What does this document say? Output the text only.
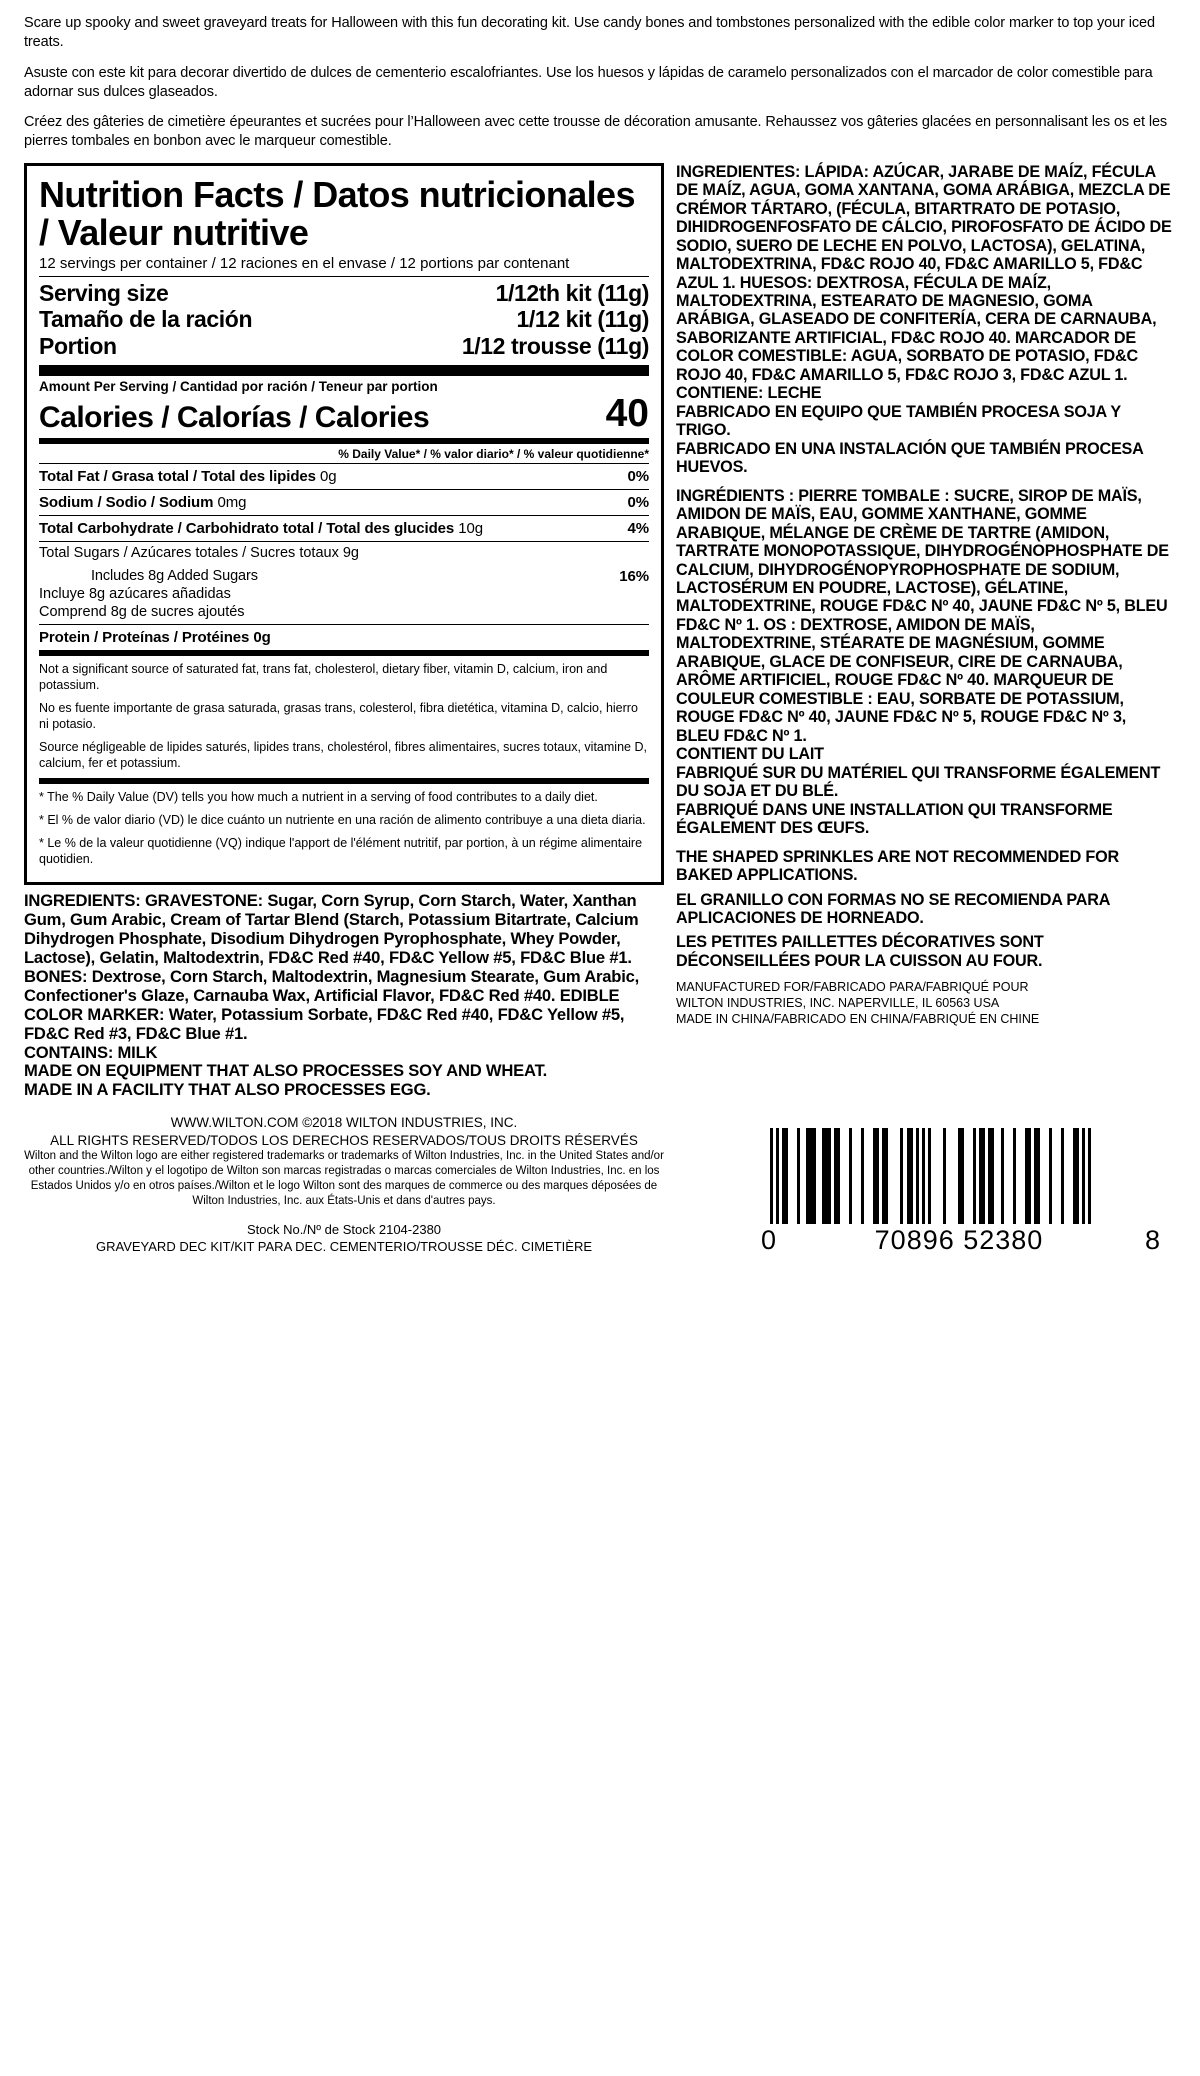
Scare up spooky and sweet graveyard treats for Halloween with this fun decorating kit. Use candy bones and tombstones personalized with the edible color marker to top your iced treats.

Asuste con este kit para decorar divertido de dulces de cementerio escalofriantes. Use los huesos y lápidas de caramelo personalizados con el marcador de color comestible para adornar sus dulces glaseados.

Créez des gâteries de cimetière épeurantes et sucrées pour l’Halloween avec cette trousse de décoration amusante. Rehaussez vos gâteries glacées en personnalisant les os et les pierres tombales en bonbon avec le marqueur comestible.

Nutrition Facts / Datos nutricionales / Valeur nutritive
12 servings per container / 12 raciones en el envase / 12 portions par contenant
Serving size	1/12th kit (11g)
Tamaño de la ración	1/12 kit (11g)
Portion	1/12 trousse (11g)
Amount Per Serving / Cantidad por ración / Teneur par portion
Calories / Calorías / Calories	40
% Daily Value* / % valor diario* / % valeur quotidienne*
Total Fat / Grasa total / Total des lipides 0g	0%
Sodium / Sodio / Sodium 0mg	0%
Total Carbohydrate / Carbohidrato total / Total des glucides 10g	4%
Total Sugars / Azúcares totales / Sucres totaux 9g
Includes 8g Added Sugars	16%
Incluye 8g azúcares añadidas
Comprend 8g de sucres ajoutés
Protein / Proteínas / Protéines 0g

Not a significant source of saturated fat, trans fat, cholesterol, dietary fiber, vitamin D, calcium, iron and potassium.

No es fuente importante de grasa saturada, grasas trans, colesterol, fibra dietética, vitamina D, calcio, hierro ni potasio.

Source négligeable de lipides saturés, lipides trans, cholestérol, fibres alimentaires, sucres totaux, vitamine D, calcium, fer et potassium.

* The % Daily Value (DV) tells you how much a nutrient in a serving of food contributes to a daily diet.

* El % de valor diario (VD) le dice cuánto un nutriente en una ración de alimento contribuye a una dieta diaria.

* Le % de la valeur quotidienne (VQ) indique l'apport de l'élément nutritif, par portion, à un régime alimentaire quotidien.

INGREDIENTS: GRAVESTONE: Sugar, Corn Syrup, Corn Starch, Water, Xanthan Gum, Gum Arabic, Cream of Tartar Blend (Starch, Potassium Bitartrate, Calcium Dihydrogen Phosphate, Disodium Dihydrogen Pyrophosphate, Whey Powder, Lactose), Gelatin, Maltodextrin, FD&C Red #40, FD&C Yellow #5, FD&C Blue #1. BONES: Dextrose, Corn Starch, Maltodextrin, Magnesium Stearate, Gum Arabic, Confectioner's Glaze, Carnauba Wax, Artificial Flavor, FD&C Red #40. EDIBLE COLOR MARKER: Water, Potassium Sorbate, FD&C Red #40, FD&C Yellow #5, FD&C Red #3, FD&C Blue #1.

CONTAINS: MILK

MADE ON EQUIPMENT THAT ALSO PROCESSES SOY AND WHEAT.

MADE IN A FACILITY THAT ALSO PROCESSES EGG.

INGREDIENTES: LÁPIDA: AZÚCAR, JARABE DE MAÍZ, FÉCULA DE MAÍZ, AGUA, GOMA XANTANA, GOMA ARÁBIGA, MEZCLA DE CRÉMOR TÁRTARO, (FÉCULA, BITARTRATO DE POTASIO, DIHIDROGENFOSFATO DE CÁLCIO, PIROFOSFATO DE ÁCIDO DE SODIO, SUERO DE LECHE EN POLVO, LACTOSA), GELATINA, MALTODEXTRINA, FD&C ROJO 40, FD&C AMARILLO 5, FD&C AZUL 1. HUESOS: DEXTROSA, FÉCULA DE MAÍZ, MALTODEXTRINA, ESTEARATO DE MAGNESIO, GOMA ARÁBIGA, GLASEADO DE CONFITERÍA, CERA DE CARNAUBA, SABORIZANTE ARTIFICIAL, FD&C ROJO 40. MARCADOR DE COLOR COMESTIBLE: AGUA, SORBATO DE POTASIO, FD&C ROJO 40, FD&C AMARILLO 5, FD&C ROJO 3, FD&C AZUL 1.

CONTIENE: LECHE

FABRICADO EN EQUIPO QUE TAMBIÉN PROCESA SOJA Y TRIGO.

FABRICADO EN UNA INSTALACIÓN QUE TAMBIÉN PROCESA HUEVOS.

INGRÉDIENTS : PIERRE TOMBALE : SUCRE, SIROP DE MAÏS, AMIDON DE MAÏS, EAU, GOMME XANTHANE, GOMME ARABIQUE, MÉLANGE DE CRÈME DE TARTRE (AMIDON, TARTRATE MONOPOTASSIQUE, DIHYDROGÉNOPHOSPHATE DE CALCIUM, DIHYDROGÉNOPYROPHOSPHATE DE SODIUM, LACTOSÉRUM EN POUDRE, LACTOSE), GÉLATINE, MALTODEXTRINE, ROUGE FD&C Nº 40, JAUNE FD&C Nº 5, BLEU FD&C Nº 1. OS : DEXTROSE, AMIDON DE MAÏS, MALTODEXTRINE, STÉARATE DE MAGNÉSIUM, GOMME ARABIQUE, GLACE DE CONFISEUR, CIRE DE CARNAUBA, ARÔME ARTIFICIEL, ROUGE FD&C Nº 40. MARQUEUR DE COULEUR COMESTIBLE : EAU, SORBATE DE POTASSIUM, ROUGE FD&C Nº 40, JAUNE FD&C Nº 5, ROUGE FD&C Nº 3, BLEU FD&C Nº 1.

CONTIENT DU LAIT

FABRIQUÉ SUR DU MATÉRIEL QUI TRANSFORME ÉGALEMENT DU SOJA ET DU BLÉ.

FABRIQUÉ DANS UNE INSTALLATION QUI TRANSFORME ÉGALEMENT DES ŒUFS.

THE SHAPED SPRINKLES ARE NOT RECOMMENDED FOR BAKED APPLICATIONS.

EL GRANILLO CON FORMAS NO SE RECOMIENDA PARA APLICACIONES DE HORNEADO.

LES PETITES PAILLETTES DÉCORATIVES SONT DÉCONSEILLÉES POUR LA CUISSON AU FOUR.

MANUFACTURED FOR/FABRICADO PARA/FABRIQUÉ POUR
WILTON INDUSTRIES, INC. NAPERVILLE, IL 60563 USA
MADE IN CHINA/FABRICADO EN CHINA/FABRIQUÉ EN CHINE

WWW.WILTON.COM ©2018 WILTON INDUSTRIES, INC.

ALL RIGHTS RESERVED/TODOS LOS DERECHOS RESERVADOS/TOUS DROITS RÉSERVÉS

Wilton and the Wilton logo are either registered trademarks or trademarks of Wilton Industries, Inc. in the United States and/or other countries./Wilton y el logotipo de Wilton son marcas registradas o marcas comerciales de Wilton Industries, Inc. en los Estados Unidos y/o en otros países./Wilton et le logo Wilton sont des marques de commerce ou des marques déposées de Wilton Industries, Inc. aux États-Unis et dans d'autres pays.

Stock No./Nº de Stock 2104-2380

GRAVEYARD DEC KIT/KIT PARA DEC. CEMENTERIO/TROUSSE DÉC. CIMETIÈRE	0	70896 52380	8
